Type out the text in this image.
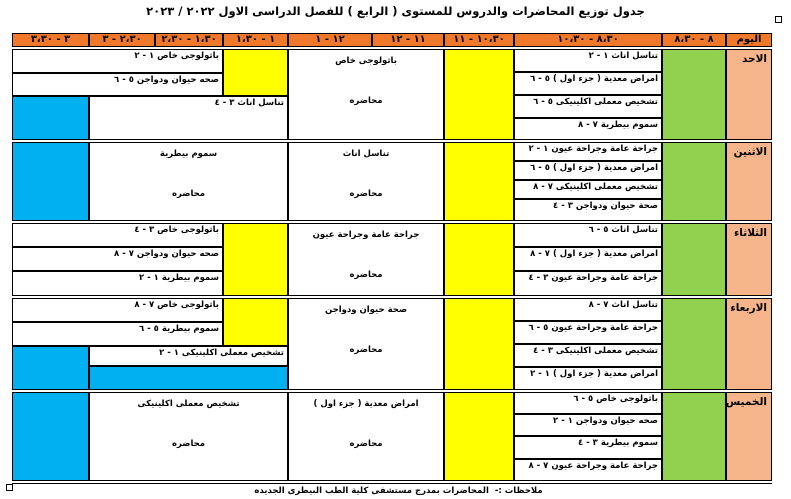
جدول توزيع المحاضرات والدروس للمستوى ( الرابع ) للفصل الدراسى الاول ٢٠٢٢ / ٢٠٢٣
اليوم
٨ - ٨،٣٠
٨،٣٠ - ١٠،٣٠
١٠،٣٠ - ١١
١١ - ١٢
١٢ - ١
١ - ١،٣٠
١،٣٠ - ٢،٣٠
٢،٣٠ - ٣
٣ - ٣،٣٠
الاحد
تناسل اناث ١ - ٢
امراض معدية ( جزء اول ) ٥ - ٦
تشخيص معملى اكلينيكى ٥ - ٦
سموم بيطرية ٧ - ٨
باثولوجى خاص
محاضره
باثولوجى خاص ١ - ٢
صحه حيوان ودواجن ٥ - ٦
تناسل اناث ٣ - ٤
الاثنين
جراحة عامة وجراحة عيون ١ - ٢
امراض معدية ( جزء اول ) ٥ - ٦
تشخيص معملى اكلينيكى ٧ - ٨
صحة حيوان ودواجن ٣ - ٤
تناسل اناث
محاضره
سموم بيطرية
محاضره
الثلاثاء
تناسل اناث ٥ - ٦
امراض معدية ( جزء اول ) ٧ - ٨
جراحة عامة وجراحة عيون ٣ - ٤
جراحة عامة وجراحة عيون
محاضره
باثولوجى خاص ٣ - ٤
صحه حيوان ودواجن ٧ - ٨
سموم بيطرية ١ - ٢
الاربعاء
تناسل اناث ٧ - ٨
جراحة عامة وجراحة عيون ٥ - ٦
تشخيص معملى اكلينيكى ٣ - ٤
امراض معدية ( جزء اول ) ١ - ٢
صحة حيوان ودواجن
محاضره
باثولوجى خاص ٧ - ٨
سموم بيطرية ٥ - ٦
تشخيص معملى اكلينيكى ١ - ٢
الخميس
باثولوجى خاص ٥ - ٦
صحه حيوان ودواجن ١ - ٢
سموم بيطرية ٣ - ٤
جراحة عامة وجراحة عيون ٧ - ٨
امراض معدية ( جزء اول )
محاضره
تشخيص معملى اكلينيكى
محاضره
ملاحظات :-المحاضرات بمدرج مستشفى كلية الطب البيطرى الجديده
